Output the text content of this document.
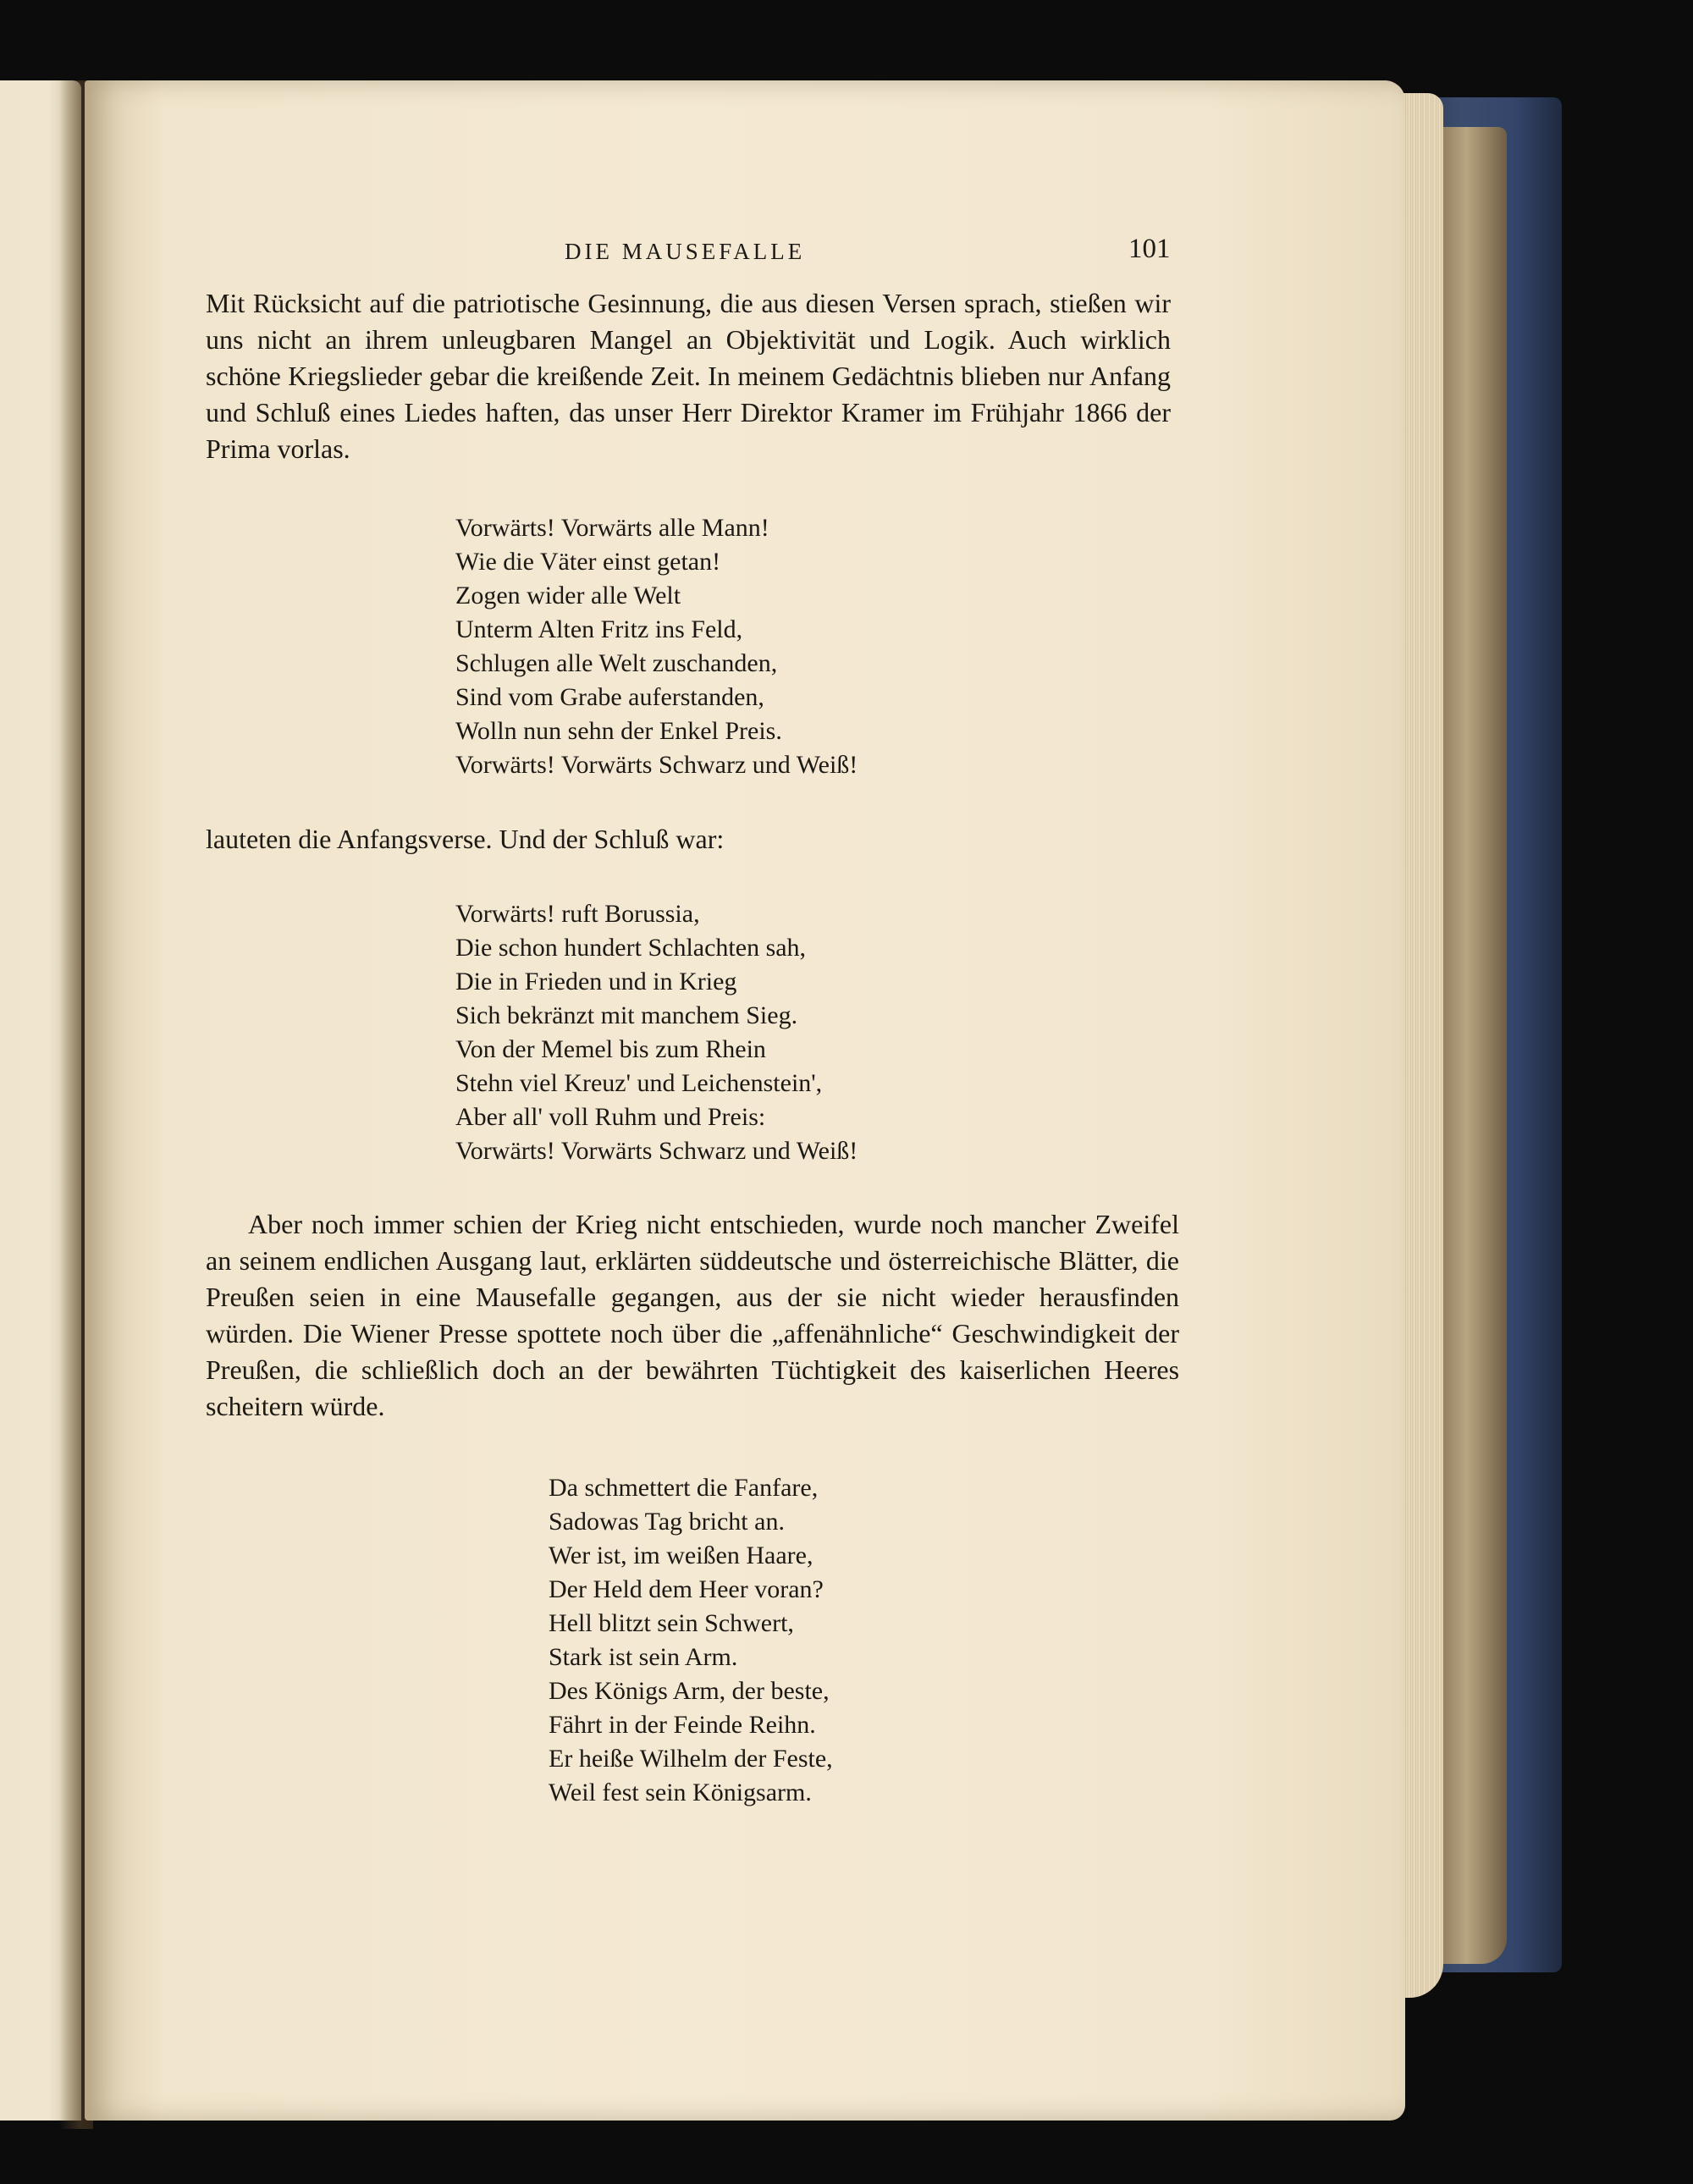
DIE MAUSEFALLE	101

Mit Rücksicht auf die patriotische Gesinnung, die aus diesen Versen sprach, stießen wir uns nicht an ihrem unleugbaren Mangel an Objektivität und Logik. Auch wirklich schöne Kriegslieder gebar die kreißende Zeit. In meinem Gedächtnis blieben nur Anfang und Schluß eines Liedes haften, das unser Herr Direktor Kramer im Frühjahr 1866 der Prima vorlas.

Vorwärts! Vorwärts alle Mann!
Wie die Väter einst getan!
Zogen wider alle Welt
Unterm Alten Fritz ins Feld,
Schlugen alle Welt zuschanden,
Sind vom Grabe auferstanden,
Wolln nun sehn der Enkel Preis.
Vorwärts! Vorwärts Schwarz und Weiß!
lauteten die Anfangsverse. Und der Schluß war:
Vorwärts! ruft Borussia,
Die schon hundert Schlachten sah,
Die in Frieden und in Krieg
Sich bekränzt mit manchem Sieg.
Von der Memel bis zum Rhein
Stehn viel Kreuz' und Leichenstein',
Aber all' voll Ruhm und Preis:
Vorwärts! Vorwärts Schwarz und Weiß!

Aber noch immer schien der Krieg nicht entschieden, wurde noch mancher Zweifel an seinem endlichen Ausgang laut, erklärten süddeutsche und österreichische Blätter, die Preußen seien in eine Mausefalle gegangen, aus der sie nicht wieder herausfinden würden. Die Wiener Presse spottete noch über die „affenähnliche“ Geschwindigkeit der Preußen, die schließlich doch an der bewährten Tüchtigkeit des kaiserlichen Heeres scheitern würde.

Da schmettert die Fanfare,
Sadowas Tag bricht an.
Wer ist, im weißen Haare,
Der Held dem Heer voran?
Hell blitzt sein Schwert,
Stark ist sein Arm.
Des Königs Arm, der beste,
Fährt in der Feinde Reihn.
Er heiße Wilhelm der Feste,
Weil fest sein Königsarm.
